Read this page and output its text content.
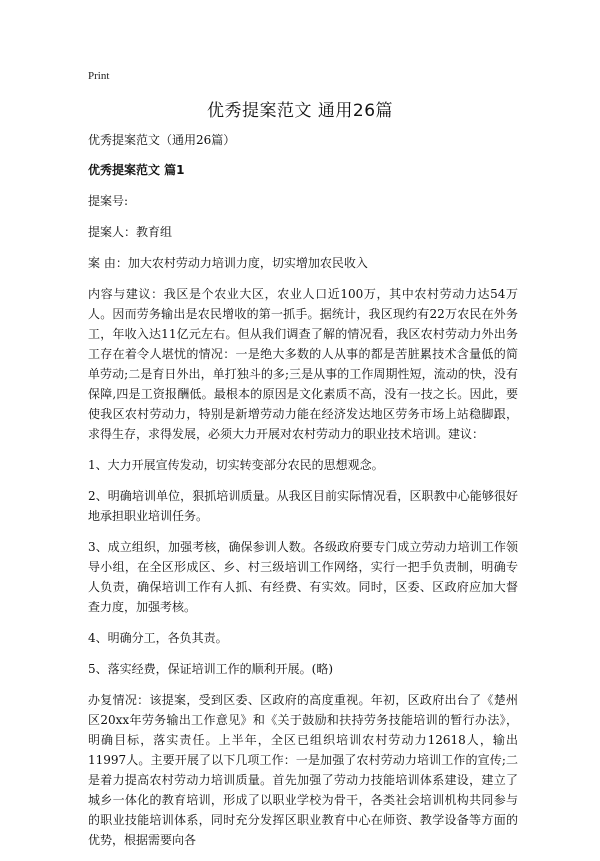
Print
优秀提案范文 通用26篇

优秀提案范文（通用26篇）

优秀提案范文 篇1

提案号:

提案人：教育组

案 由：加大农村劳动力培训力度，切实增加农民收入

内容与建议：我区是个农业大区，农业人口近100万，其中农村劳动力达54万人。因而劳务输出是农民增收的第一抓手。据统计，我区现约有22万农民在外务工，年收入达11亿元左右。但从我们调查了解的情况看，我区农村劳动力外出务工存在着令人堪忧的情况：一是绝大多数的人从事的都是苦脏累技术含量低的简单劳动;二是育日外出，单打独斗的多;三是从事的工作周期性短，流动的快，没有保障,四是工资报酬低。最根本的原因是文化素质不高，没有一技之长。因此，要使我区农村劳动力，特别是新增劳动力能在经济发达地区劳务市场上站稳脚跟，求得生存，求得发展，必须大力开展对农村劳动力的职业技术培训。建议：

1、大力开展宣传发动，切实转变部分农民的思想观念。

2、明确培训单位，狠抓培训质量。从我区目前实际情况看，区职教中心能够很好地承担职业培训任务。

3、成立组织，加强考核，确保参训人数。各级政府要专门成立劳动力培训工作领导小组，在全区形成区、乡、村三级培训工作网络，实行一把手负责制，明确专人负责，确保培训工作有人抓、有经费、有实效。同时，区委、区政府应加大督查力度，加强考核。

4、明确分工，各负其责。

5、落实经费，保证培训工作的顺利开展。(略)

办复情况：该提案，受到区委、区政府的高度重视。年初，区政府出台了《楚州区20xx年劳务输出工作意见》和《关于鼓励和扶持劳务技能培训的暂行办法》，明确目标，落实责任。上半年，全区已组织培训农村劳动力12618人，输出11997人。主要开展了以下几项工作：一是加强了农村劳动力培训工作的宣传;二是着力提高农村劳动力培训质量。首先加强了劳动力技能培训体系建设，建立了城乡一体化的教育培训，形成了以职业学校为骨干，各类社会培训机构共同参与的职业技能培训体系，同时充分发挥区职业教育中心在师资、教学设备等方面的优势，根据需要向各
